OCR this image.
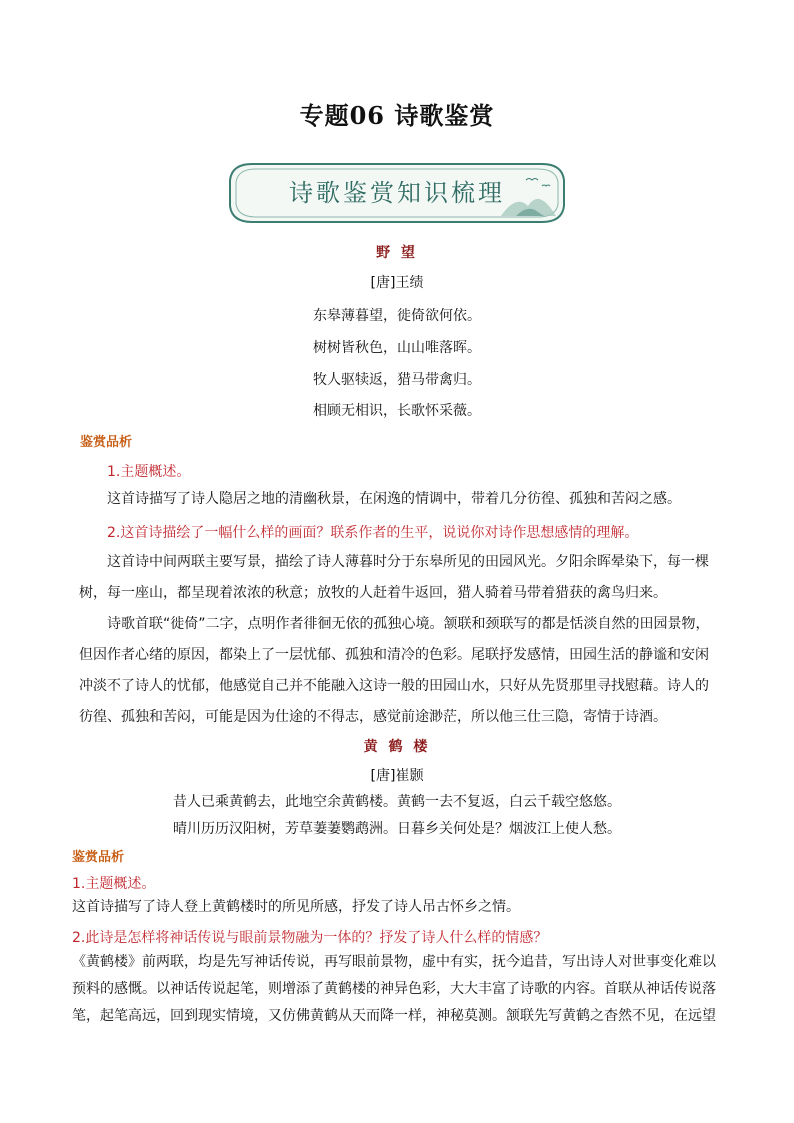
专题06 诗歌鉴赏
诗歌鉴赏知识梳理
野 望
[唐]王绩
东皋薄暮望，徙倚欲何依。
树树皆秋色，山山唯落晖。
牧人驱犊返，猎马带禽归。
相顾无相识，长歌怀采薇。
鉴赏品析
1.主题概述。
这首诗描写了诗人隐居之地的清幽秋景，在闲逸的情调中，带着几分彷徨、孤独和苦闷之感。
2.这首诗描绘了一幅什么样的画面？联系作者的生平，说说你对诗作思想感情的理解。
这首诗中间两联主要写景，描绘了诗人薄暮时分于东皋所见的田园风光。夕阳余晖晕染下，每一棵树，每一座山，都呈现着浓浓的秋意；放牧的人赶着牛返回，猎人骑着马带着猎获的禽鸟归来。
诗歌首联“徙倚”二字，点明作者徘徊无依的孤独心境。颔联和颈联写的都是恬淡自然的田园景物，但因作者心绪的原因，都染上了一层忧郁、孤独和清冷的色彩。尾联抒发感情，田园生活的静谧和安闲冲淡不了诗人的忧郁，他感觉自己并不能融入这诗一般的田园山水，只好从先贤那里寻找慰藉。诗人的彷徨、孤独和苦闷，可能是因为仕途的不得志，感觉前途渺茫，所以他三仕三隐，寄情于诗酒。
黄 鹤 楼
[唐]崔颢
昔人已乘黄鹤去，此地空余黄鹤楼。黄鹤一去不复返，白云千载空悠悠。
晴川历历汉阳树，芳草萋萋鹦鹉洲。日暮乡关何处是？烟波江上使人愁。
鉴赏品析
1.主题概述。
这首诗描写了诗人登上黄鹤楼时的所见所感，抒发了诗人吊古怀乡之情。
2.此诗是怎样将神话传说与眼前景物融为一体的？抒发了诗人什么样的情感？
《黄鹤楼》前两联，均是先写神话传说，再写眼前景物，虚中有实，抚今追昔，写出诗人对世事变化难以预料的感慨。以神话传说起笔，则增添了黄鹤楼的神异色彩，大大丰富了诗歌的内容。首联从神话传说落笔，起笔高远，回到现实情境，又仿佛黄鹤从天而降一样，神秘莫测。颔联先写黄鹤之杳然不见，在远望
